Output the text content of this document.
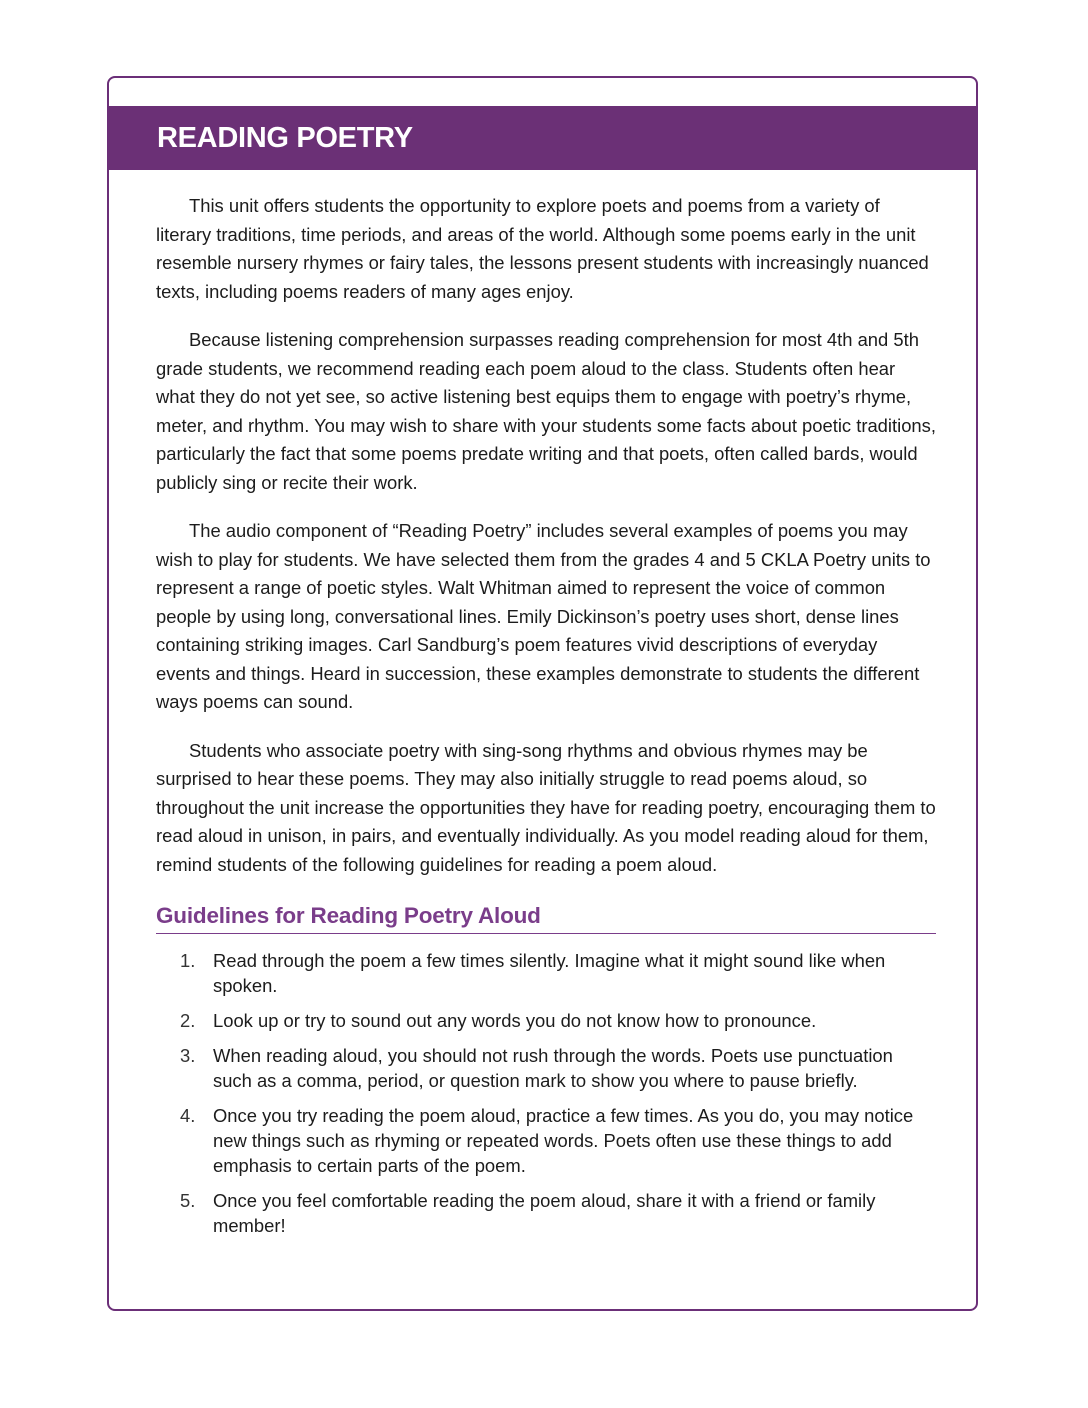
READING POETRY

This unit offers students the opportunity to explore poets and poems from a variety of literary traditions, time periods, and areas of the world. Although some poems early in the unit resemble nursery rhymes or fairy tales, the lessons present students with increasingly nuanced texts, including poems readers of many ages enjoy.

Because listening comprehension surpasses reading comprehension for most 4th and 5th grade students, we recommend reading each poem aloud to the class. Students often hear what they do not yet see, so active listening best equips them to engage with poetry’s rhyme, meter, and rhythm. You may wish to share with your students some facts about poetic traditions, particularly the fact that some poems predate writing and that poets, often called bards, would publicly sing or recite their work.

The audio component of “Reading Poetry” includes several examples of poems you may wish to play for students. We have selected them from the grades 4 and 5 CKLA Poetry units to represent a range of poetic styles. Walt Whitman aimed to represent the voice of common people by using long, conversational lines. Emily Dickinson’s poetry uses short, dense lines containing striking images. Carl Sandburg’s poem features vivid descriptions of everyday events and things. Heard in succession, these examples demonstrate to students the different ways poems can sound.

Students who associate poetry with sing-song rhythms and obvious rhymes may be surprised to hear these poems. They may also initially struggle to read poems aloud, so throughout the unit increase the opportunities they have for reading poetry, encouraging them to read aloud in unison, in pairs, and eventually individually. As you model reading aloud for them, remind students of the following guidelines for reading a poem aloud.

Guidelines for Reading Poetry Aloud
1. Read through the poem a few times silently. Imagine what it might sound like when spoken.
2. Look up or try to sound out any words you do not know how to pronounce.
3. When reading aloud, you should not rush through the words. Poets use punctuation such as a comma, period, or question mark to show you where to pause briefly.
4. Once you try reading the poem aloud, practice a few times. As you do, you may notice new things such as rhyming or repeated words. Poets often use these things to add emphasis to certain parts of the poem.
5. Once you feel comfortable reading the poem aloud, share it with a friend or family member!
